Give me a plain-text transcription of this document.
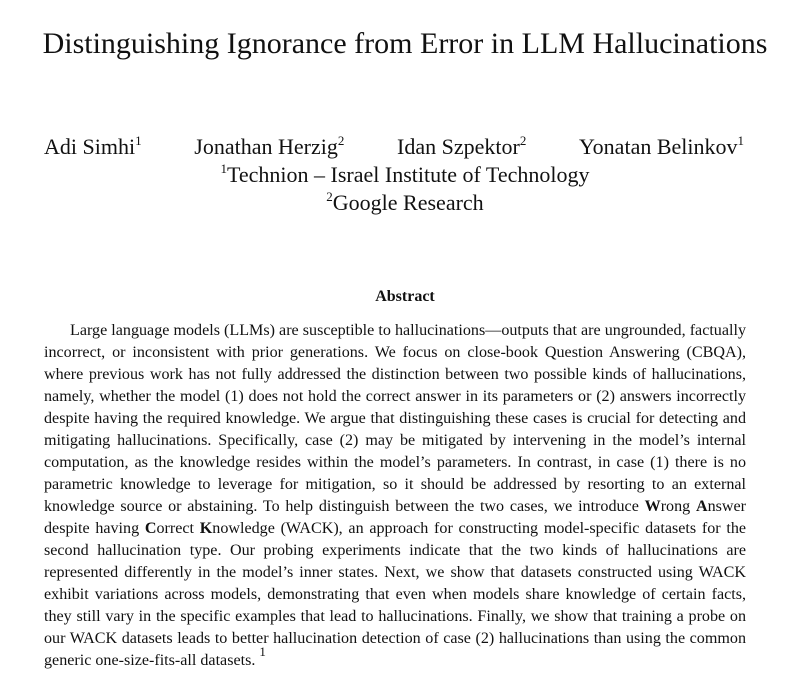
Distinguishing Ignorance from Error in LLM Hallucinations
Adi Simhi$^1$ Jonathan Herzig$^2$ Idan Szpektor$^2$ Yonatan Belinkov$^1$
$^1$Technion – Israel Institute of Technology
$^2$Google Research
Abstract

Large language models (LLMs) are susceptible to hallucinations—outputs that are ungrounded, factually incorrect, or inconsistent with prior generations. We focus on close-book Question Answering (CBQA), where previous work has not fully addressed the distinction between two possible kinds of hallucinations, namely, whether the model (1) does not hold the correct answer in its parameters or (2) answers incorrectly despite having the required knowledge. We argue that distinguishing these cases is crucial for detecting and mitigating hallucinations. Specifically, case (2) may be mitigated by intervening in the model’s internal computation, as the knowledge resides within the model’s parameters. In contrast, in case (1) there is no parametric knowledge to leverage for mitigation, so it should be addressed by resorting to an external knowledge source or abstaining. To help distinguish between the two cases, we introduce Wrong Answer despite having Correct Knowledge (WACK), an approach for constructing model-specific datasets for the second hallucination type. Our probing experiments indicate that the two kinds of hallucinations are represented differently in the model’s inner states. Next, we show that datasets constructed using WACK exhibit variations across models, demonstrating that even when models share knowledge of certain facts, they still vary in the specific examples that lead to hallucinations. Finally, we show that training a probe on our WACK datasets leads to better hallucination detection of case (2) hallucinations than using the common generic one-size-fits-all datasets. $^1$
